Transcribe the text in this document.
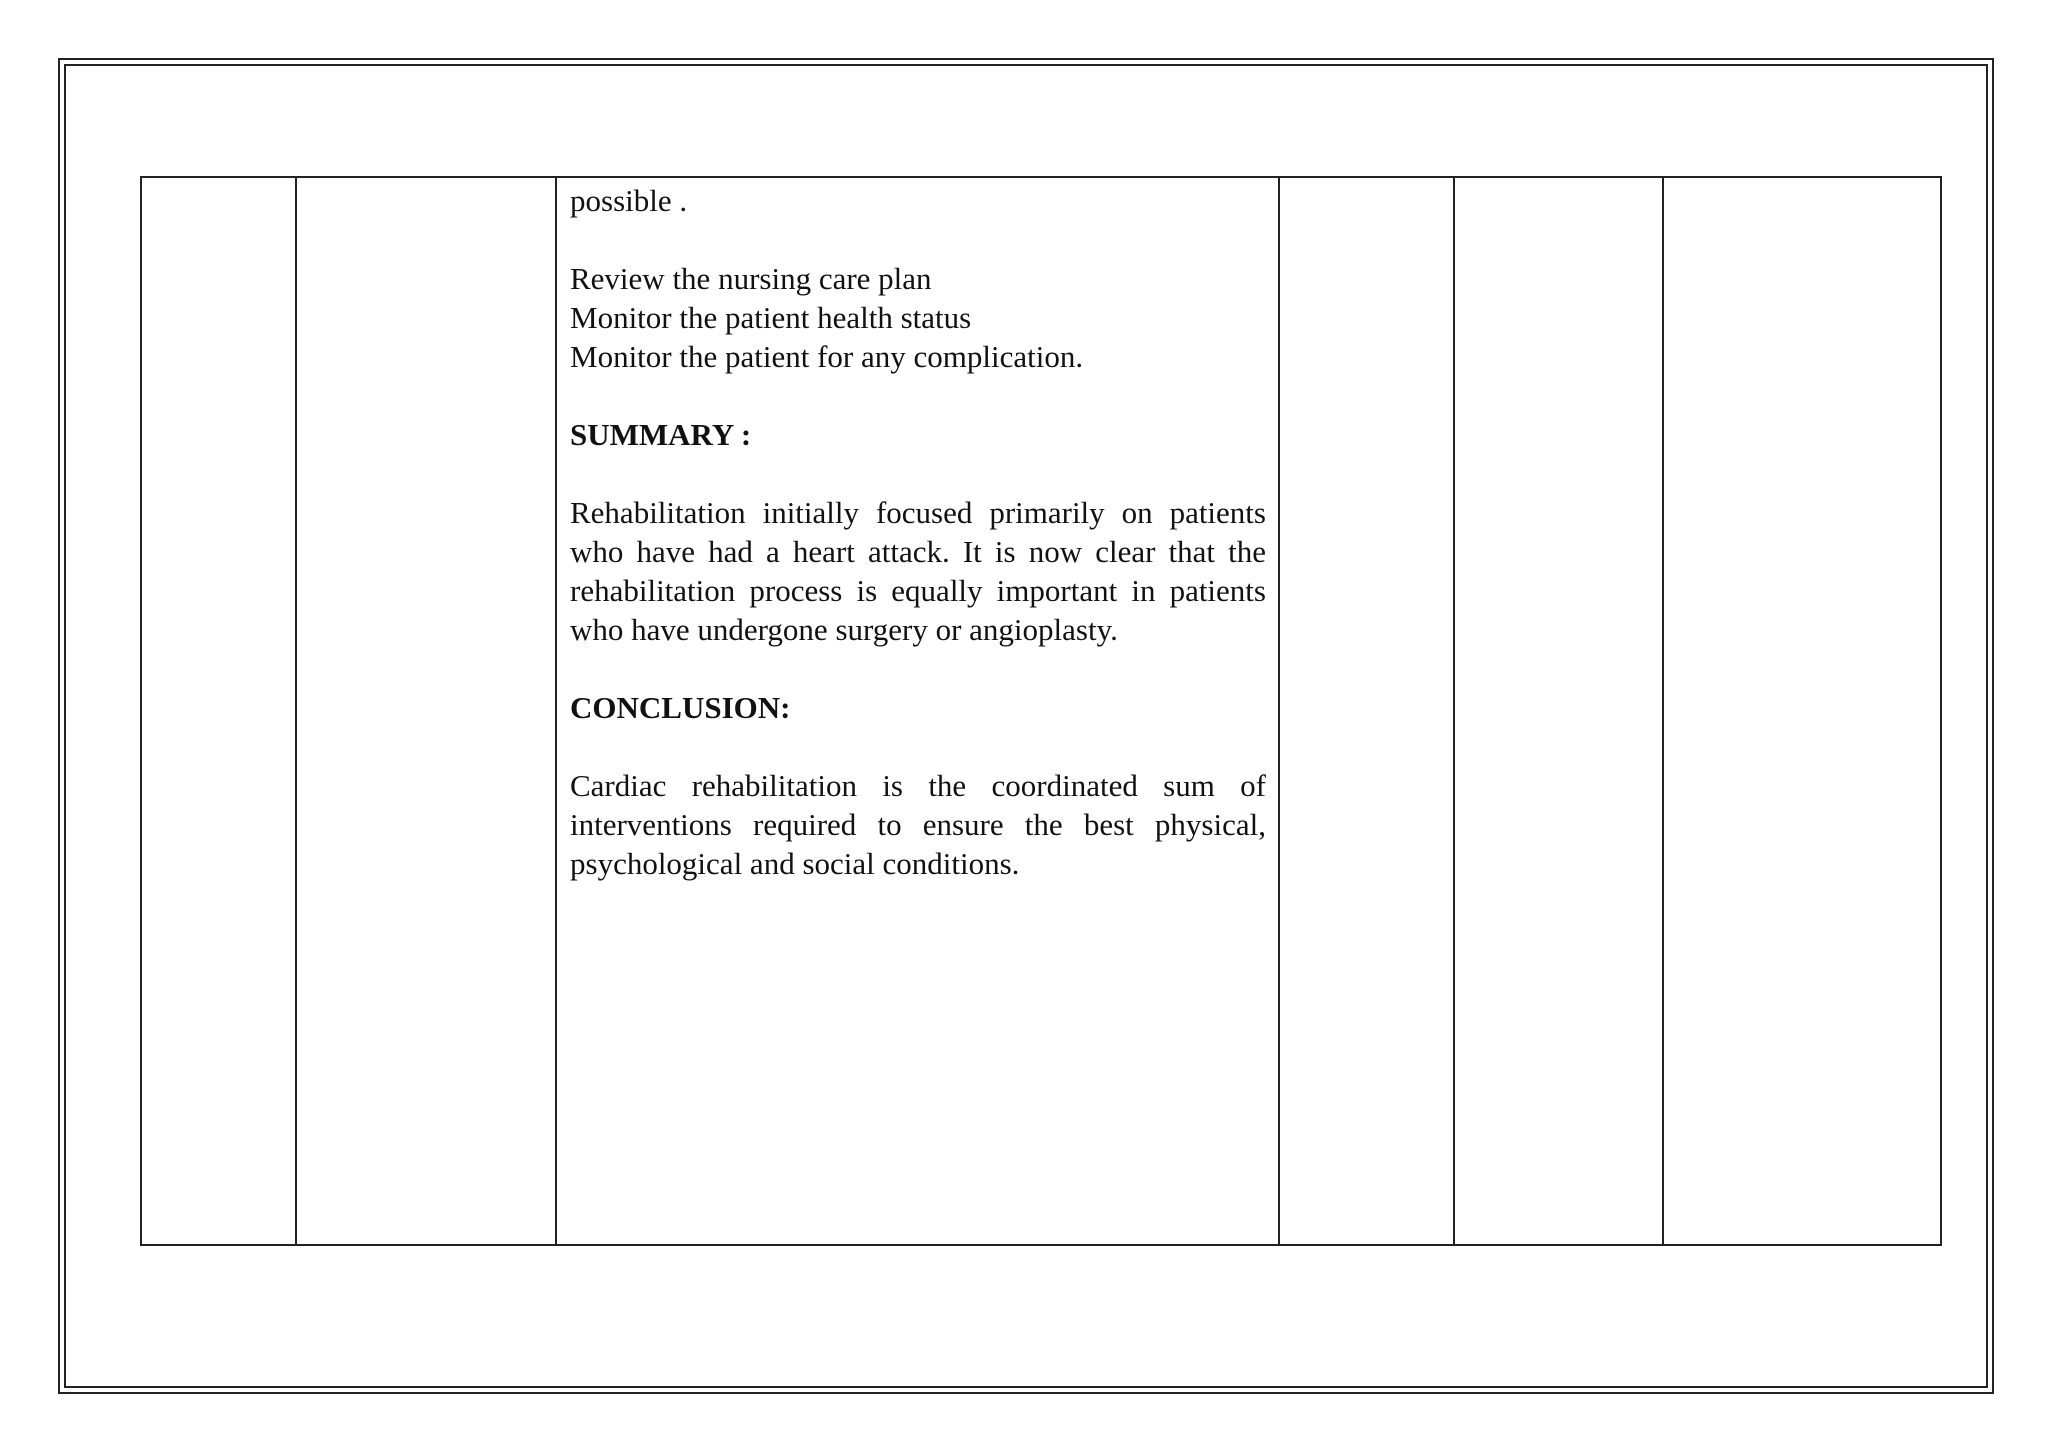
possible .

Review the nursing care plan
Monitor the patient health status
Monitor the patient for any complication.

SUMMARY :

Rehabilitation initially focused primarily on patients who have had a heart attack. It is now clear that the rehabilitation process is equally important in patients who have undergone surgery or angioplasty.

CONCLUSION:

Cardiac rehabilitation is the coordinated sum of interventions required to ensure the best physical, psychological and social conditions.
